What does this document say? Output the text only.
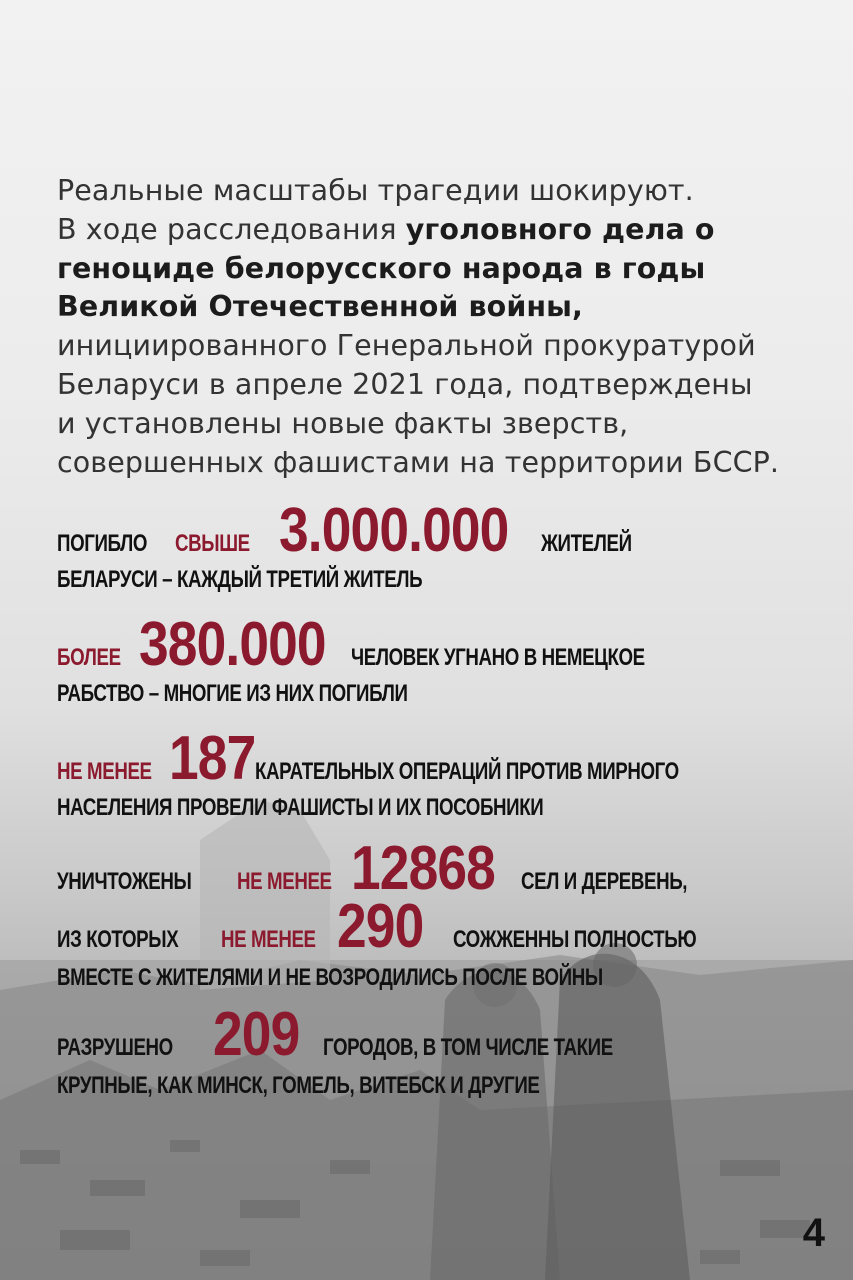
Реальные масштабы трагедии шокируют.
В ходе расследования уголовного дела о
геноциде белорусского народа в годы
Великой Отечественной войны,
инициированного Генеральной прокуратурой
Беларуси в апреле 2021 года, подтверждены
и установлены новые факты зверств,
совершенных фашистами на территории БССР.
ПОГИБЛО СВЫШЕ 3.000.000 ЖИТЕЛЕЙ
БЕЛАРУСИ – КАЖДЫЙ ТРЕТИЙ ЖИТЕЛЬ
БОЛЕЕ 380.000 ЧЕЛОВЕК УГНАНО В НЕМЕЦКОЕ
РАБСТВО – МНОГИЕ ИЗ НИХ ПОГИБЛИ
НЕ МЕНЕЕ 187 КАРАТЕЛЬНЫХ ОПЕРАЦИЙ ПРОТИВ МИРНОГО
НАСЕЛЕНИЯ ПРОВЕЛИ ФАШИСТЫ И ИХ ПОСОБНИКИ
УНИЧТОЖЕНЫ НЕ МЕНЕЕ 12868 СЕЛ И ДЕРЕВЕНЬ,
ИЗ КОТОРЫХ НЕ МЕНЕЕ 290	СОЖЖЕННЫ ПОЛНОСТЬЮ
ВМЕСТЕ С ЖИТЕЛЯМИ И НЕ ВОЗРОДИЛИСЬ ПОСЛЕ ВОЙНЫ
РАЗРУШЕНО 209 ГОРОДОВ, В ТОМ ЧИСЛЕ ТАКИЕ
КРУПНЫЕ, КАК МИНСК, ГОМЕЛЬ, ВИТЕБСК И ДРУГИЕ
4
